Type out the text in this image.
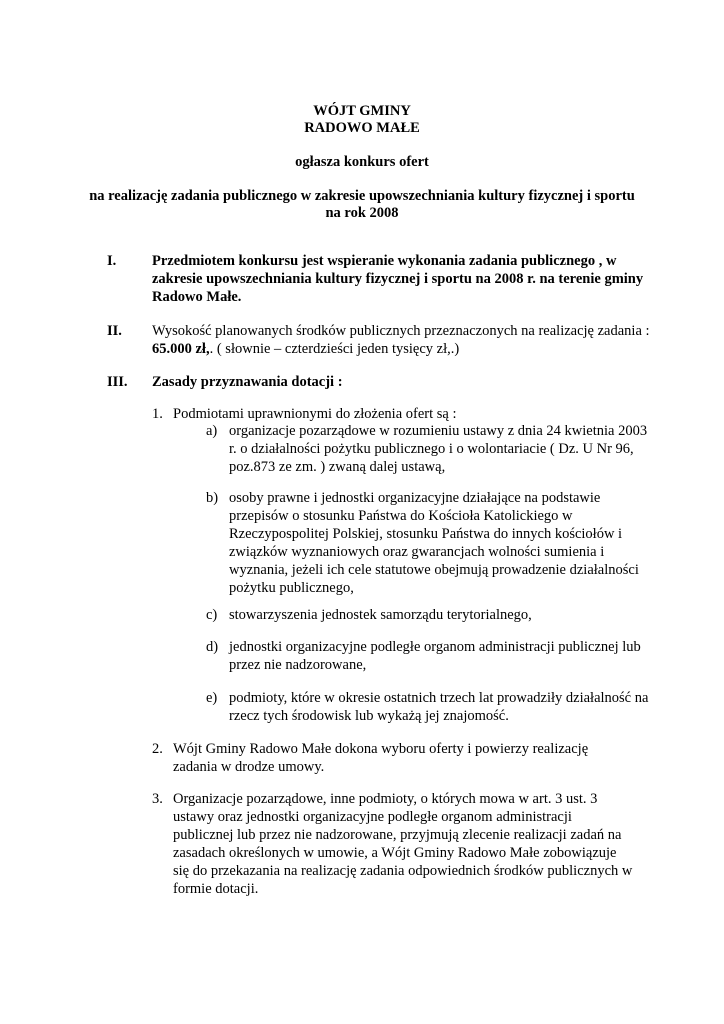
WÓJT GMINY
RADOWO MAŁE
ogłasza konkurs ofert
na realizację zadania publicznego w zakresie upowszechniania kultury fizycznej i sportu
na rok 2008
I. Przedmiotem konkursu jest wspieranie wykonania zadania publicznego , w zakresie upowszechniania kultury fizycznej i sportu na 2008 r. na terenie gminy Radowo Małe.
II. Wysokość planowanych środków publicznych przeznaczonych na realizację zadania : 65.000 zł,. ( słownie – czterdzieści jeden tysięcy zł,.)
III. Zasady przyznawania dotacji :
1. Podmiotami uprawnionymi do złożenia ofert są :
a) organizacje pozarządowe w rozumieniu ustawy z dnia 24 kwietnia 2003 r. o działalności pożytku publicznego i o wolontariacie ( Dz. U Nr 96, poz.873 ze zm. ) zwaną dalej ustawą,
b) osoby prawne i jednostki organizacyjne działające na podstawie przepisów o stosunku Państwa do Kościoła Katolickiego w Rzeczypospolitej Polskiej, stosunku Państwa do innych kościołów i związków wyznaniowych oraz gwarancjach wolności sumienia i wyznania, jeżeli ich cele statutowe obejmują prowadzenie działalności pożytku publicznego,
c) stowarzyszenia jednostek samorządu terytorialnego,
d) jednostki organizacyjne podległe organom administracji publicznej lub przez nie nadzorowane,
e) podmioty, które w okresie ostatnich trzech lat prowadziły działalność na rzecz tych środowisk lub wykażą jej znajomość.
2. Wójt Gminy Radowo Małe dokona wyboru oferty i powierzy realizację zadania w drodze umowy.
3. Organizacje pozarządowe, inne podmioty, o których mowa w art. 3 ust. 3 ustawy oraz jednostki organizacyjne podległe organom administracji publicznej lub przez nie nadzorowane, przyjmują zlecenie realizacji zadań na zasadach określonych w umowie, a Wójt Gminy Radowo Małe zobowiązuje się do przekazania na realizację zadania odpowiednich środków publicznych w formie dotacji.
